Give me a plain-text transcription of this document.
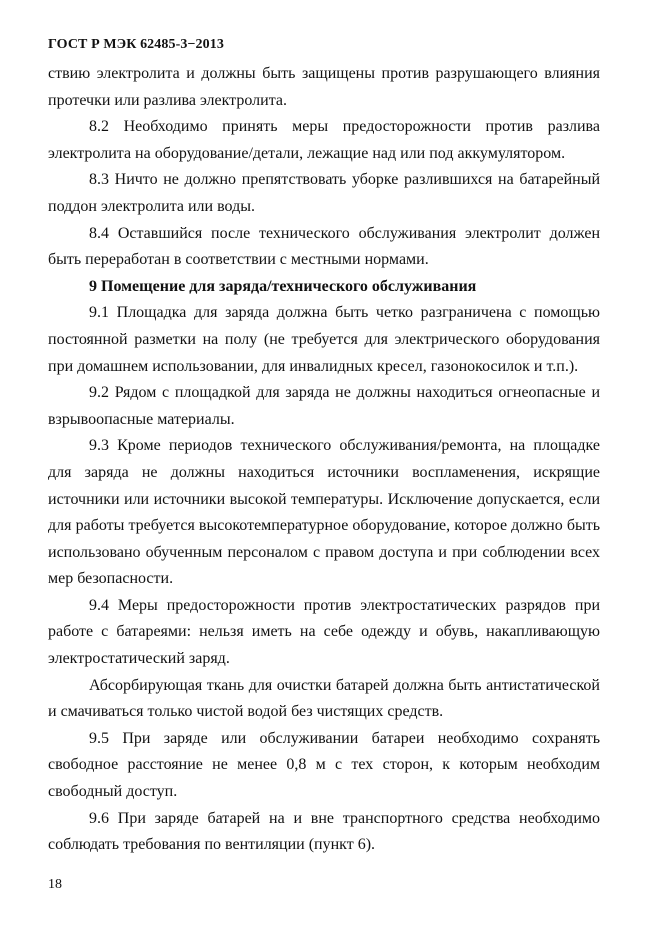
ГОСТ Р МЭК 62485-3−2013

ствию электролита и должны быть защищены против разрушающего влияния протечки или разлива электролита.

8.2 Необходимо принять меры предосторожности против разлива электролита на оборудование/детали, лежащие над или под аккумулятором.

8.3 Ничто не должно препятствовать уборке разлившихся на батарейный поддон электролита или воды.

8.4 Оставшийся после технического обслуживания электролит должен быть переработан в соответствии с местными нормами.

9 Помещение для заряда/технического обслуживания

9.1 Площадка для заряда должна быть четко разграничена с помощью постоянной разметки на полу (не требуется для электрического оборудования при домашнем использовании, для инвалидных кресел, газонокосилок и т.п.).

9.2 Рядом с площадкой для заряда не должны находиться огнеопасные и взрывоопасные материалы.

9.3 Кроме периодов технического обслуживания/ремонта, на площадке для заряда не должны находиться источники воспламенения, искрящие источники или источники высокой температуры. Исключение допускается, если для работы требуется высокотемпературное оборудование, которое должно быть использовано обученным персоналом с правом доступа и при соблюдении всех мер безопасности.

9.4 Меры предосторожности против электростатических разрядов при работе с батареями: нельзя иметь на себе одежду и обувь, накапливающую электростатический заряд.

Абсорбирующая ткань для очистки батарей должна быть антистатической и смачиваться только чистой водой без чистящих средств.

9.5 При заряде или обслуживании батареи необходимо сохранять свободное расстояние не менее 0,8 м с тех сторон, к которым необходим свободный доступ.

9.6 При заряде батарей на и вне транспортного средства необходимо соблюдать требования по вентиляции (пункт 6).

18
